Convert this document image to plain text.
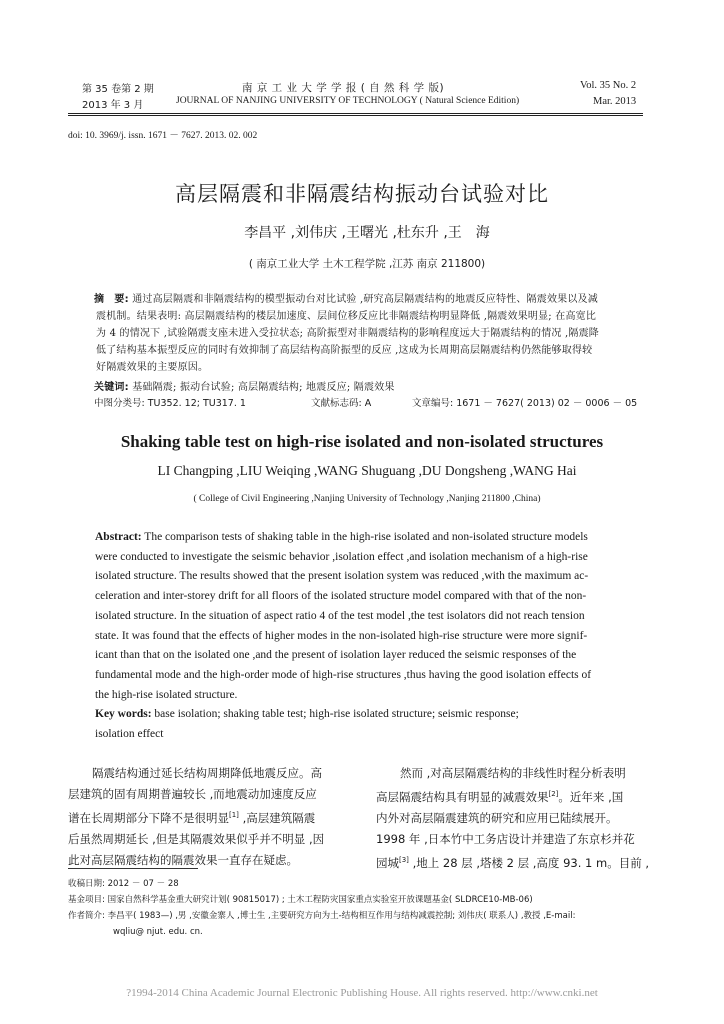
第 35 卷第 2 期
2013 年 3 月
南 京 工 业 大 学 学 报 ( 自 然 科 学 版)
JOURNAL OF NANJING UNIVERSITY OF TECHNOLOGY ( Natural Science Edition)
Vol. 35 No. 2
Mar. 2013
doi: 10. 3969/j. issn. 1671 － 7627. 2013. 02. 002
高层隔震和非隔震结构振动台试验对比
李昌平 ,刘伟庆 ,王曙光 ,杜东升 ,王　海
( 南京工业大学 土木工程学院 ,江苏 南京 211800)
摘　要: 通过高层隔震和非隔震结构的模型振动台对比试验 ,研究高层隔震结构的地震反应特性、隔震效果以及减
震机制。结果表明: 高层隔震结构的楼层加速度、层间位移反应比非隔震结构明显降低 ,隔震效果明显; 在高宽比
为 4 的情况下 ,试验隔震支座未进入受拉状态; 高阶振型对非隔震结构的影响程度远大于隔震结构的情况 ,隔震降
低了结构基本振型反应的同时有效抑制了高层结构高阶振型的反应 ,这成为长周期高层隔震结构仍然能够取得较
好隔震效果的主要原因。
关键词: 基础隔震; 振动台试验; 高层隔震结构; 地震反应; 隔震效果
中图分类号: TU352. 12; TU317. 1	文献标志码: A	文章编号: 1671 － 7627( 2013) 02 － 0006 － 05
Shaking table test on high-rise isolated and non-isolated structures
LI Changping ,LIU Weiqing ,WANG Shuguang ,DU Dongsheng ,WANG Hai
( College of Civil Engineering ,Nanjing University of Technology ,Nanjing 211800 ,China)
Abstract: The comparison tests of shaking table in the high-rise isolated and non-isolated structure models
were conducted to investigate the seismic behavior ,isolation effect ,and isolation mechanism of a high-rise
isolated structure. The results showed that the present isolation system was reduced ,with the maximum ac-
celeration and inter-storey drift for all floors of the isolated structure model compared with that of the non-
isolated structure. In the situation of aspect ratio 4 of the test model ,the test isolators did not reach tension
state. It was found that the effects of higher modes in the non-isolated high-rise structure were more signif-
icant than that on the isolated one ,and the present of isolation layer reduced the seismic responses of the
fundamental mode and the high-order mode of high-rise structures ,thus having the good isolation effects of
the high-rise isolated structure.
Key words: base isolation; shaking table test; high-rise isolated structure; seismic response;
isolation effect
隔震结构通过延长结构周期降低地震反应。高
层建筑的固有周期普遍较长 ,而地震动加速度反应
谱在长周期部分下降不是很明显[1] ,高层建筑隔震
后虽然周期延长 ,但是其隔震效果似乎并不明显 ,因
此对高层隔震结构的隔震效果一直存在疑虑。
然而 ,对高层隔震结构的非线性时程分析表明
高层隔震结构具有明显的减震效果[2]。近年来 ,国
内外对高层隔震建筑的研究和应用已陆续展开。
1998 年 ,日本竹中工务店设计并建造了东京杉并花
园城[3] ,地上 28 层 ,塔楼 2 层 ,高度 93. 1 m。目前 ,
收稿日期: 2012 － 07 － 28
基金项目: 国家自然科学基金重大研究计划( 90815017) ; 土木工程防灾国家重点实验室开放课题基金( SLDRCE10-MB-06)
作者简介: 李昌平( 1983—) ,男 ,安徽金寨人 ,博士生 ,主要研究方向为土-结构相互作用与结构减震控制; 刘伟庆( 联系人) ,教授 ,E-mail:
wqliu@ njut. edu. cn.
?1994-2014 China Academic Journal Electronic Publishing House. All rights reserved. http://www.cnki.net
